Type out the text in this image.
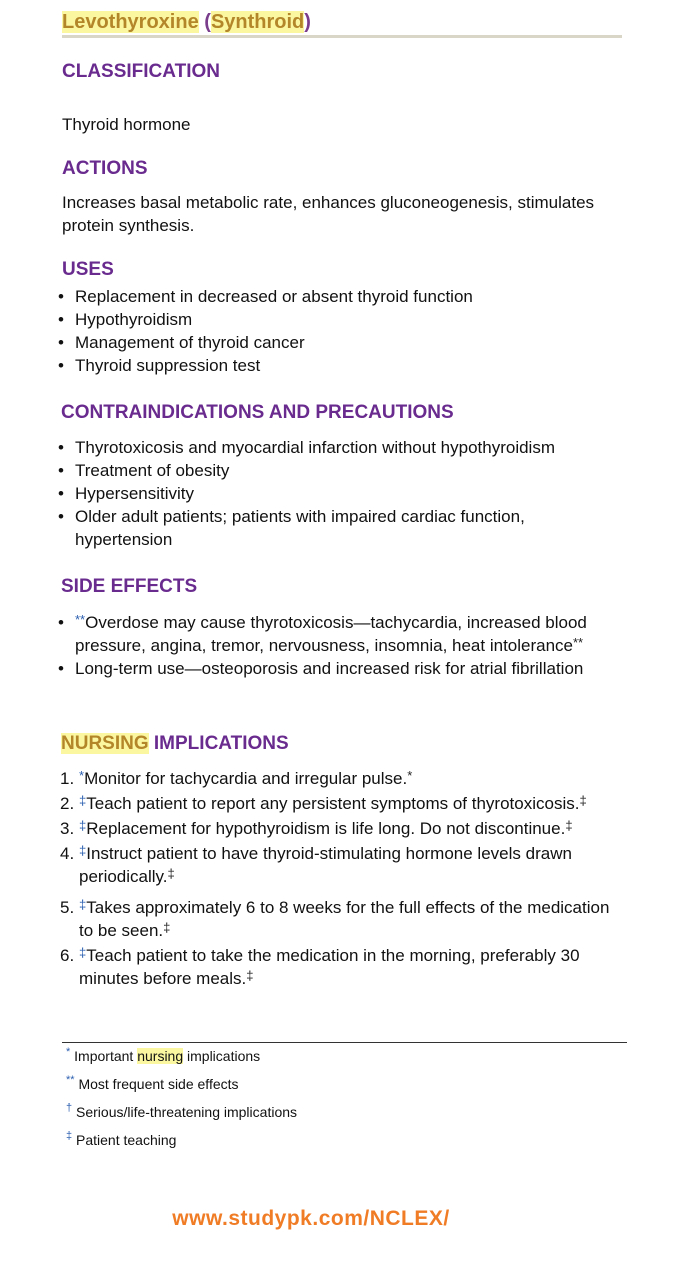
Levothyroxine (Synthroid)
CLASSIFICATION

Thyroid hormone

ACTIONS

Increases basal metabolic rate, enhances gluconeogenesis, stimulates protein synthesis.

USES
• Replacement in decreased or absent thyroid function
• Hypothyroidism
• Management of thyroid cancer
• Thyroid suppression test
CONTRAINDICATIONS AND PRECAUTIONS
• Thyrotoxicosis and myocardial infarction without hypothyroidism
• Treatment of obesity
• Hypersensitivity
• Older adult patients; patients with impaired cardiac function, hypertension
SIDE EFFECTS
• **Overdose may cause thyrotoxicosis—tachycardia, increased blood pressure, angina, tremor, nervousness, insomnia, heat intolerance**
• Long-term use—osteoporosis and increased risk for atrial fibrillation
NURSING IMPLICATIONS
1. *Monitor for tachycardia and irregular pulse.*
2. ‡Teach patient to report any persistent symptoms of thyrotoxicosis.‡
3. ‡Replacement for hypothyroidism is life long. Do not discontinue.‡
4. ‡Instruct patient to have thyroid-stimulating hormone levels drawn periodically.‡
5. ‡Takes approximately 6 to 8 weeks for the full effects of the medication to be seen.‡
6. ‡Teach patient to take the medication in the morning, preferably 30 minutes before meals.‡
* Important nursing implications
** Most frequent side effects
† Serious/life-threatening implications
‡ Patient teaching
www.studypk.com/NCLEX/
